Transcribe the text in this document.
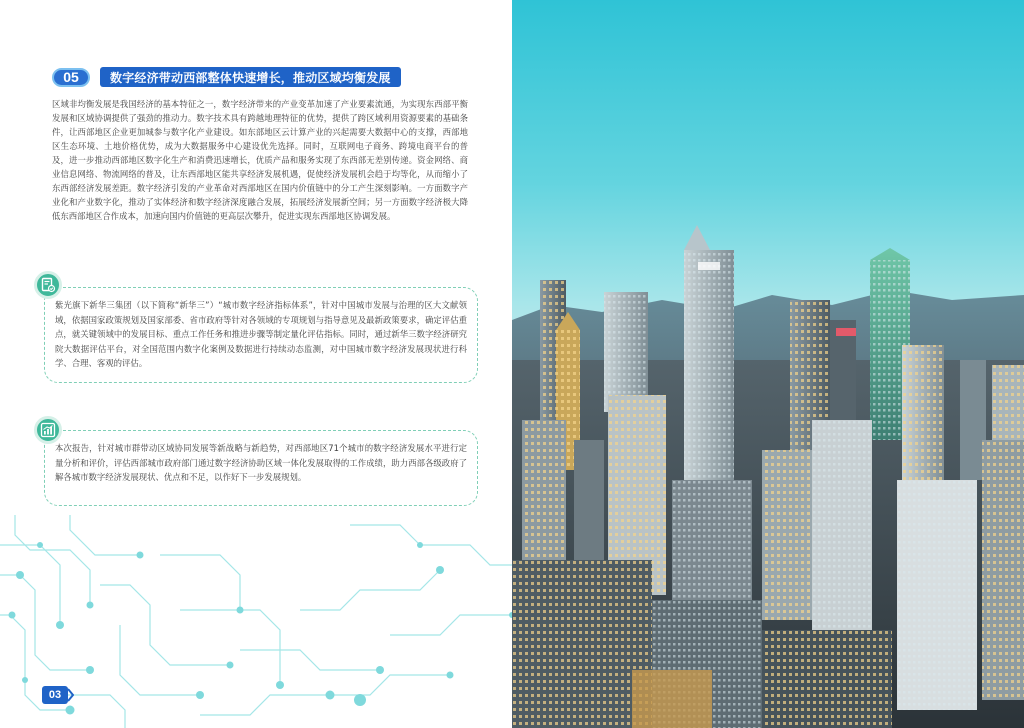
05	数字经济带动西部整体快速增长，推动区域均衡发展

区域非均衡发展是我国经济的基本特征之一，数字经济带来的产业变革加速了产业要素流通，为实现东西部平衡发展和区域协调提供了强劲的推动力。数字技术具有跨越地理特征的优势，提供了跨区域利用资源要素的基础条件，让西部地区企业更加城参与数字化产业建设。如东部地区云计算产业的兴起需要大数据中心的支撑，西部地区生态环境、土地价格优势，成为大数据服务中心建设优先选择。同时，互联网电子商务、跨境电商平台的普及，进一步推动西部地区数字化生产和消费迅速增长，优质产品和服务实现了东西部无差别传递。资金网络、商业信息网络、物流网络的普及，让东西部地区能共享经济发展机遇，促使经济发展机会趋于均等化，从而缩小了东西部经济发展差距。数字经济引发的产业革命对西部地区在国内价值链中的分工产生深刻影响。一方面数字产业化和产业数字化，推动了实体经济和数字经济深度融合发展，拓展经济发展新空间；另一方面数字经济极大降低东西部地区合作成本，加速向国内价值链的更高层次攀升，促进实现东西部地区协调发展。

紫光旗下新华三集团（以下简称“新华三”）“城市数字经济指标体系”，针对中国城市发展与治理的区大文献领域，依据国家政策规划及国家部委、省市政府等针对各领域的专项规划与指导意见及最新政策要求，确定评估重点，就关键领域中的发展目标、重点工作任务和推进步骤等制定量化评估指标。同时，通过新华三数字经济研究院大数据评估平台，对全国范围内数字化案例及数据进行持续动态监测，对中国城市数字经济发展现状进行科学、合理、客观的评估。

本次报告，针对城市群带动区域协同发展等新战略与新趋势，对西部地区71个城市的数字经济发展水平进行定量分析和评价，评估西部城市政府部门通过数字经济协助区域一体化发展取得的工作成绩，助力西部各级政府了解各城市数字经济发展现状、优点和不足，以作好下一步发展规划。

03
